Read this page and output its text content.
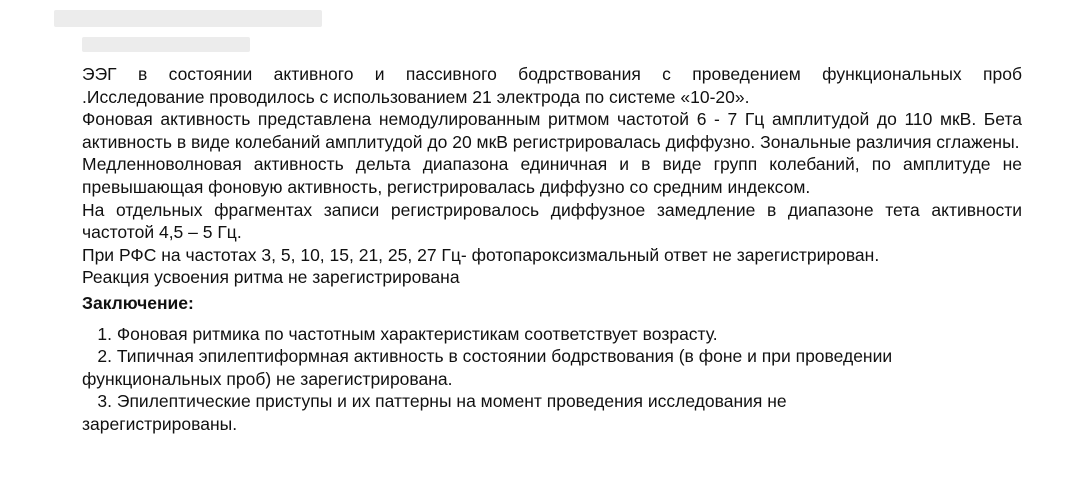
ЭЭГ в состоянии активного и пассивного бодрствования с проведением функциональных проб

.Исследование проводилось с использованием 21 электрода по системе «10-20».

Фоновая активность представлена немодулированным ритмом частотой 6 - 7 Гц амплитудой до 110 мкВ. Бета активность в виде колебаний амплитудой до 20 мкВ регистрировалась диффузно. Зональные различия сглажены.

Медленноволновая активность дельта диапазона единичная и в виде групп колебаний, по амплитуде не превышающая фоновую активность, регистрировалась диффузно со средним индексом.

На отдельных фрагментах записи регистрировалось диффузное замедление в диапазоне тета активности частотой 4,5 – 5 Гц.

При РФС на частотах 3, 5, 10, 15, 21, 25, 27 Гц- фотопароксизмальный ответ не зарегистрирован.

Реакция усвоения ритма не зарегистрирована

Заключение:

1. Фоновая ритмика по частотным характеристикам соответствует возрасту.

2. Типичная эпилептиформная активность в состоянии бодрствования (в фоне и при проведении

функциональных проб) не зарегистрирована.

3. Эпилептические приступы и их паттерны на момент проведения исследования не

зарегистрированы.
